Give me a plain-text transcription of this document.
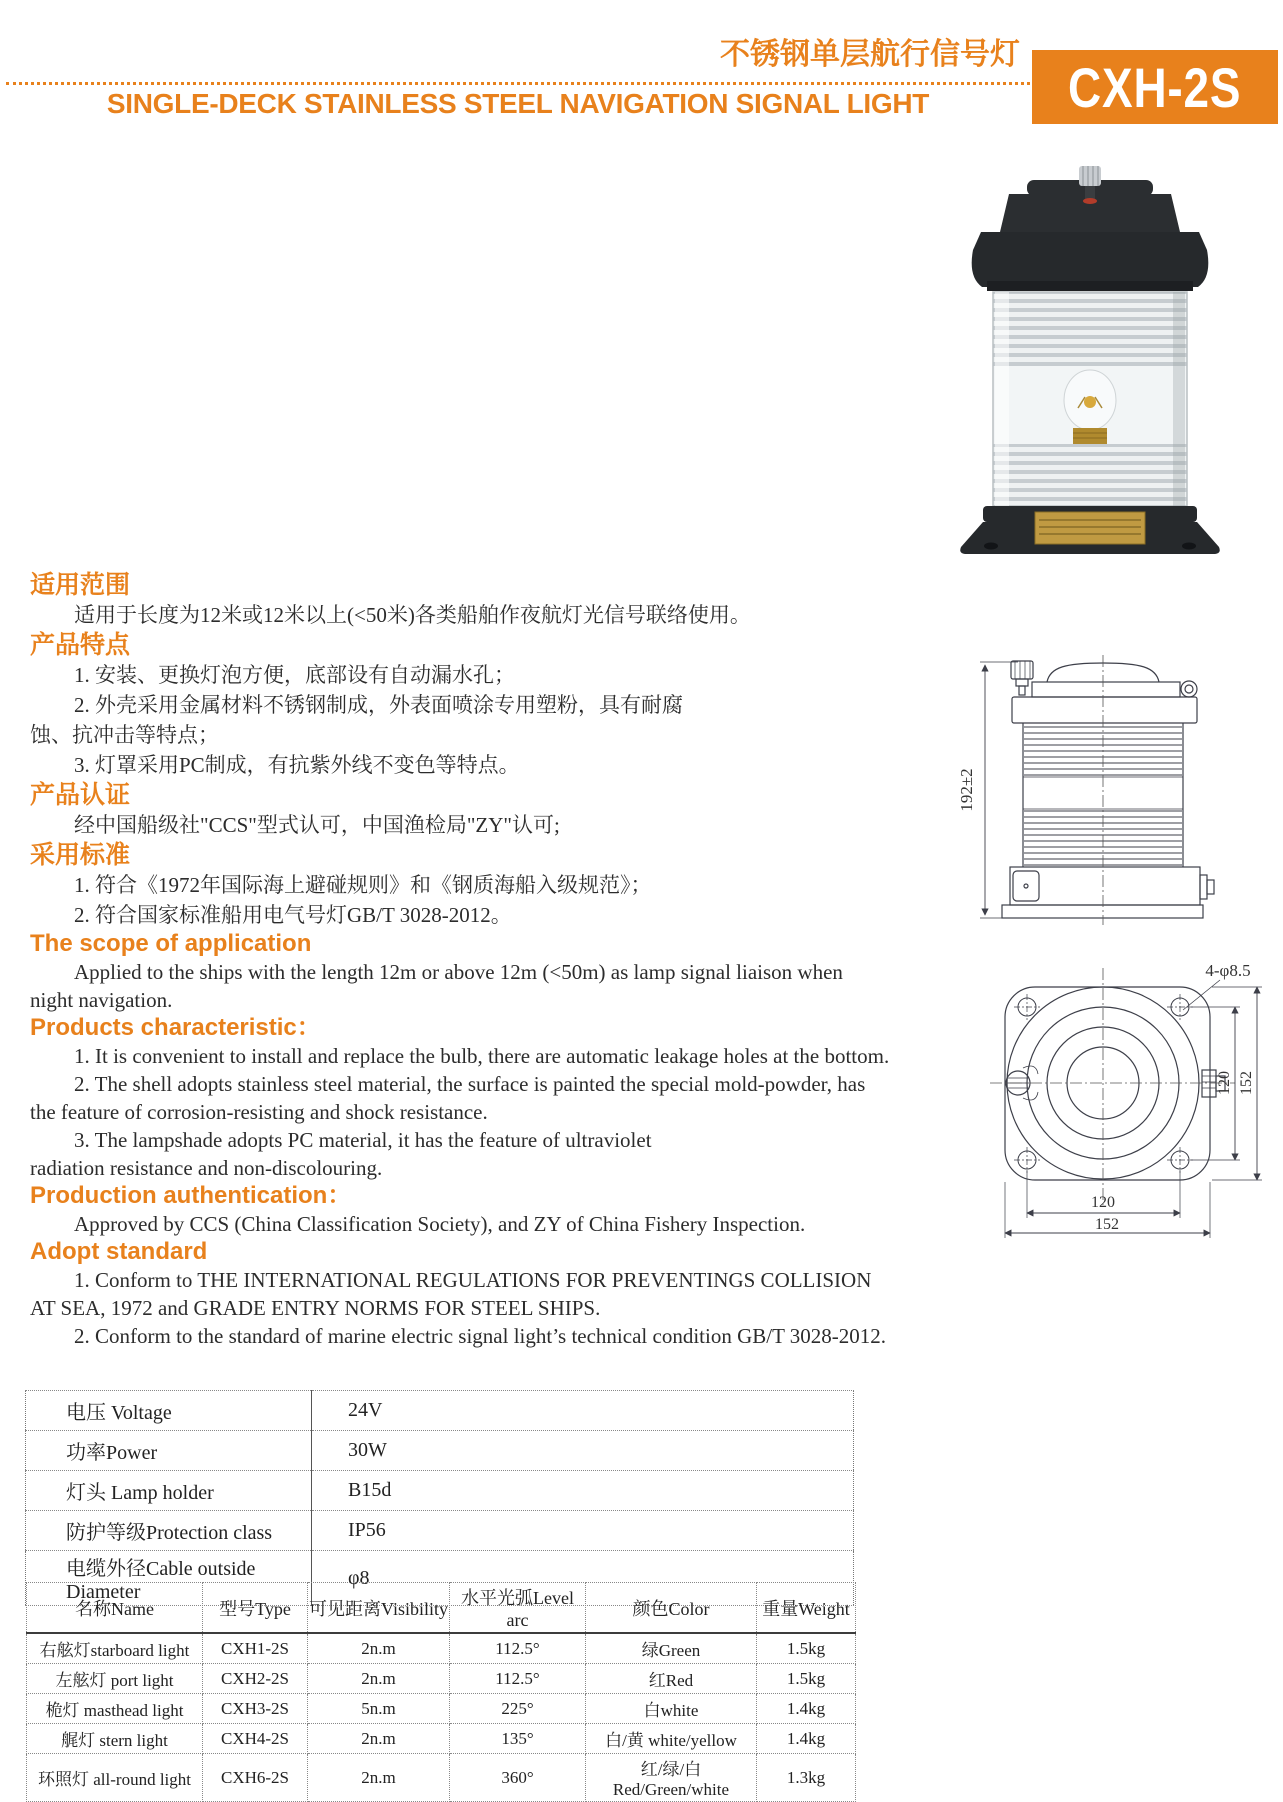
不锈钢单层航行信号灯
SINGLE-DECK STAINLESS STEEL NAVIGATION SIGNAL LIGHT	CXH-2S
192±2
4-φ8.5
120
152
120 152
适用范围
适用于长度为12米或12米以上(<50米)各类船舶作夜航灯光信号联络使用。
产品特点
1. 安装、更换灯泡方便，底部设有自动漏水孔；
2. 外壳采用金属材料不锈钢制成，外表面喷涂专用塑粉，具有耐腐
蚀、抗冲击等特点；
3. 灯罩采用PC制成，有抗紫外线不变色等特点。
产品认证
经中国船级社"CCS"型式认可，中国渔检局"ZY"认可;
采用标准
1. 符合《1972年国际海上避碰规则》和《钢质海船入级规范》；
2. 符合国家标准船用电气号灯GB/T 3028-2012。
The scope of application
Applied to the ships with the length 12m or above 12m (<50m) as lamp signal liaison when
night navigation.
Products characteristic：
1. It is convenient to install and replace the bulb, there are automatic leakage holes at the bottom.
2. The shell adopts stainless steel material, the surface is painted the special mold-powder, has
the feature of corrosion-resisting and shock resistance.
3. The lampshade adopts PC material, it has the feature of ultraviolet
radiation resistance and non-discolouring.
Production authentication：
Approved by CCS (China Classification Society), and ZY of China Fishery Inspection.
Adopt standard
1. Conform to THE INTERNATIONAL REGULATIONS FOR PREVENTINGS COLLISION
AT SEA, 1972 and GRADE ENTRY NORMS FOR STEEL SHIPS.
2. Conform to the standard of marine electric signal light’s technical condition GB/T 3028-2012.
电压 Voltage	24V
功率Power	30W
灯头 Lamp holder	B15d
防护等级Protection class	IP56
电缆外径Cable outside Diameter	φ8
名称Name	型号Type	可见距离Visibility	水平光弧Level arc	颜色Color	重量Weight
右舷灯starboard light	CXH1-2S	2n.m	112.5°	绿Green	1.5kg
左舷灯 port light	CXH2-2S	2n.m	112.5°	红Red	1.5kg
桅灯 masthead light	CXH3-2S	5n.m	225°	白white	1.4kg
艉灯 stern light	CXH4-2S	2n.m	135°	白/黄 white/yellow	1.4kg
环照灯 all-round light	CXH6-2S	2n.m	360°	红/绿/白 Red/Green/white	1.3kg
